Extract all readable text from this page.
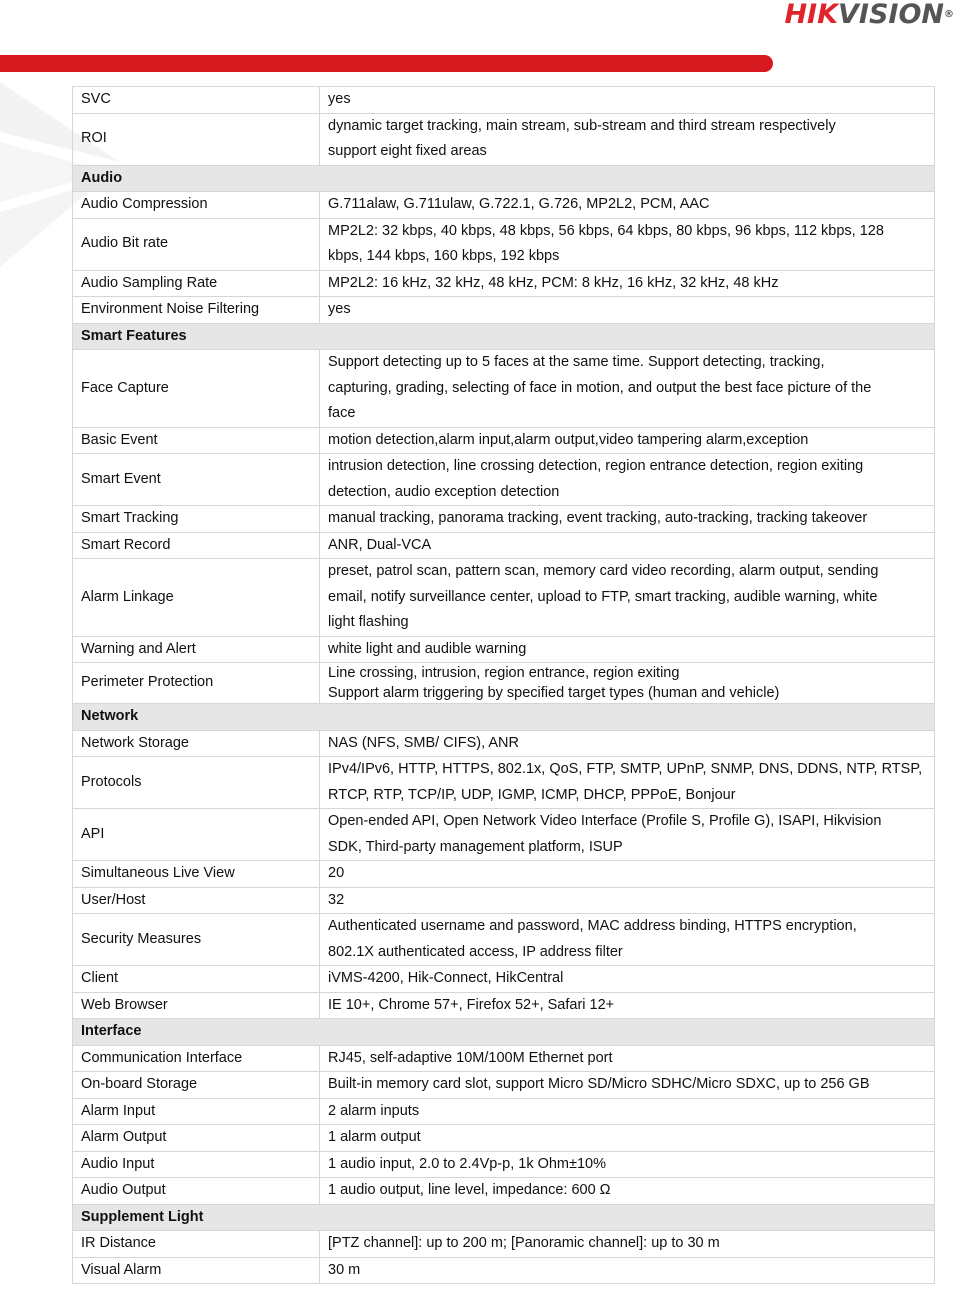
HIKVISION®
SVC	yes
ROI	dynamic target tracking, main stream, sub-stream and third stream respectively
support eight fixed areas
Audio	
Audio Compression	G.711alaw, G.711ulaw, G.722.1, G.726, MP2L2, PCM, AAC
Audio Bit rate	MP2L2: 32 kbps, 40 kbps, 48 kbps, 56 kbps, 64 kbps, 80 kbps, 96 kbps, 112 kbps, 128
kbps, 144 kbps, 160 kbps, 192 kbps
Audio Sampling Rate	MP2L2: 16 kHz, 32 kHz, 48 kHz, PCM: 8 kHz, 16 kHz, 32 kHz, 48 kHz
Environment Noise Filtering	yes
Smart Features	
Face Capture	Support detecting up to 5 faces at the same time. Support detecting, tracking,
capturing, grading, selecting of face in motion, and output the best face picture of the
face
Basic Event	motion detection,alarm input,alarm output,video tampering alarm,exception
Smart Event	intrusion detection, line crossing detection, region entrance detection, region exiting
detection, audio exception detection
Smart Tracking	manual tracking, panorama tracking, event tracking, auto-tracking, tracking takeover
Smart Record	ANR, Dual-VCA
Alarm Linkage	preset, patrol scan, pattern scan, memory card video recording, alarm output, sending
email, notify surveillance center, upload to FTP, smart tracking, audible warning, white
light flashing
Warning and Alert	white light and audible warning
Perimeter Protection	Line crossing, intrusion, region entrance, region exiting
Support alarm triggering by specified target types (human and vehicle)
Network	
Network Storage	NAS (NFS, SMB/ CIFS), ANR
Protocols	IPv4/IPv6, HTTP, HTTPS, 802.1x, QoS, FTP, SMTP, UPnP, SNMP, DNS, DDNS, NTP, RTSP,
RTCP, RTP, TCP/IP, UDP, IGMP, ICMP, DHCP, PPPoE, Bonjour
API	Open-ended API, Open Network Video Interface (Profile S, Profile G), ISAPI, Hikvision
SDK, Third-party management platform, ISUP
Simultaneous Live View	20
User/Host	32
Security Measures	Authenticated username and password, MAC address binding, HTTPS encryption,
802.1X authenticated access, IP address filter
Client	iVMS-4200, Hik-Connect, HikCentral
Web Browser	IE 10+, Chrome 57+, Firefox 52+, Safari 12+
Interface	
Communication Interface	RJ45, self-adaptive 10M/100M Ethernet port
On-board Storage	Built-in memory card slot, support Micro SD/Micro SDHC/Micro SDXC, up to 256 GB
Alarm Input	2 alarm inputs
Alarm Output	1 alarm output
Audio Input	1 audio input, 2.0 to 2.4Vp-p, 1k Ohm±10%
Audio Output	1 audio output, line level, impedance: 600 Ω
Supplement Light	
IR Distance	[PTZ channel]: up to 200 m; [Panoramic channel]: up to 30 m
Visual Alarm	30 m
